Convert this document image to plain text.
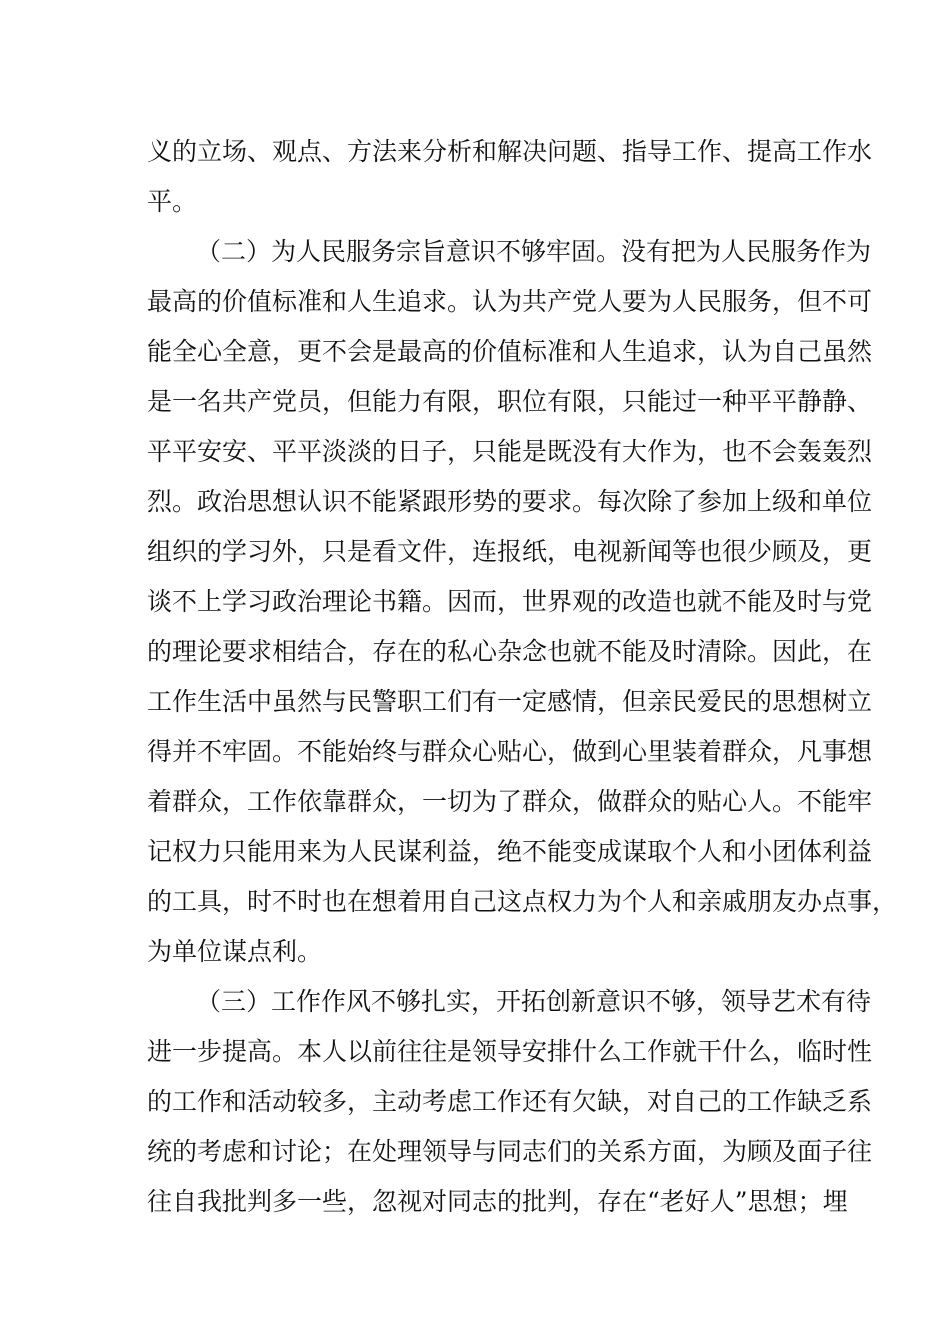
义的立场、观点、方法来分析和解决问题、指导工作、提高工作水
平。
（二）为人民服务宗旨意识不够牢固。没有把为人民服务作为
最高的价值标准和人生追求。认为共产党人要为人民服务，但不可
能全心全意，更不会是最高的价值标准和人生追求，认为自己虽然
是一名共产党员，但能力有限，职位有限，只能过一种平平静静、
平平安安、平平淡淡的日子，只能是既没有大作为，也不会轰轰烈
烈。政治思想认识不能紧跟形势的要求。每次除了参加上级和单位
组织的学习外，只是看文件，连报纸，电视新闻等也很少顾及，更
谈不上学习政治理论书籍。因而，世界观的改造也就不能及时与党
的理论要求相结合，存在的私心杂念也就不能及时清除。因此，在
工作生活中虽然与民警职工们有一定感情，但亲民爱民的思想树立
得并不牢固。不能始终与群众心贴心，做到心里装着群众，凡事想
着群众，工作依靠群众，一切为了群众，做群众的贴心人。不能牢
记权力只能用来为人民谋利益，绝不能变成谋取个人和小团体利益
的工具，时不时也在想着用自己这点权力为个人和亲戚朋友办点事，
为单位谋点利。
（三）工作作风不够扎实，开拓创新意识不够，领导艺术有待
进一步提高。本人以前往往是领导安排什么工作就干什么，临时性
的工作和活动较多，主动考虑工作还有欠缺，对自己的工作缺乏系
统的考虑和讨论；在处理领导与同志们的关系方面，为顾及面子往
往自我批判多一些，忽视对同志的批判，存在“老好人”思想；埋
